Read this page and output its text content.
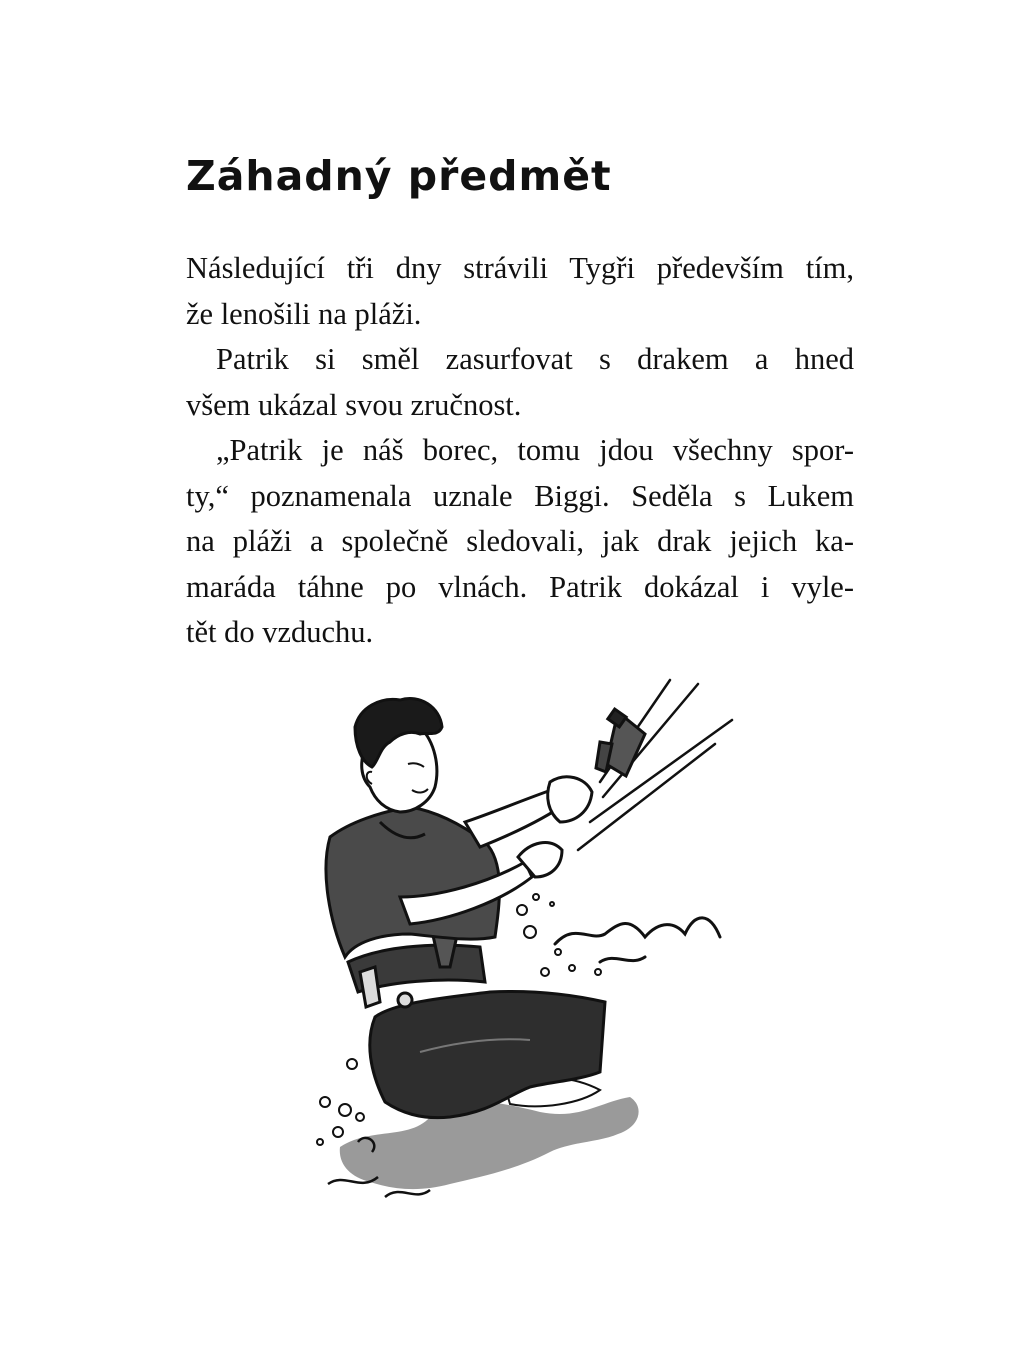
Záhadný předmět

Následující tři dny strávili Tygři především tím,
že lenošili na pláži.

Patrik si směl zasurfovat s drakem a hned
všem ukázal svou zručnost.

„Patrik je náš borec, tomu jdou všechny spor-
ty,“ poznamenala uznale Biggi. Seděla s Lukem
na pláži a společně sledovali, jak drak jejich ka-
maráda táhne po vlnách. Patrik dokázal i vyle-
tět do vzduchu.
